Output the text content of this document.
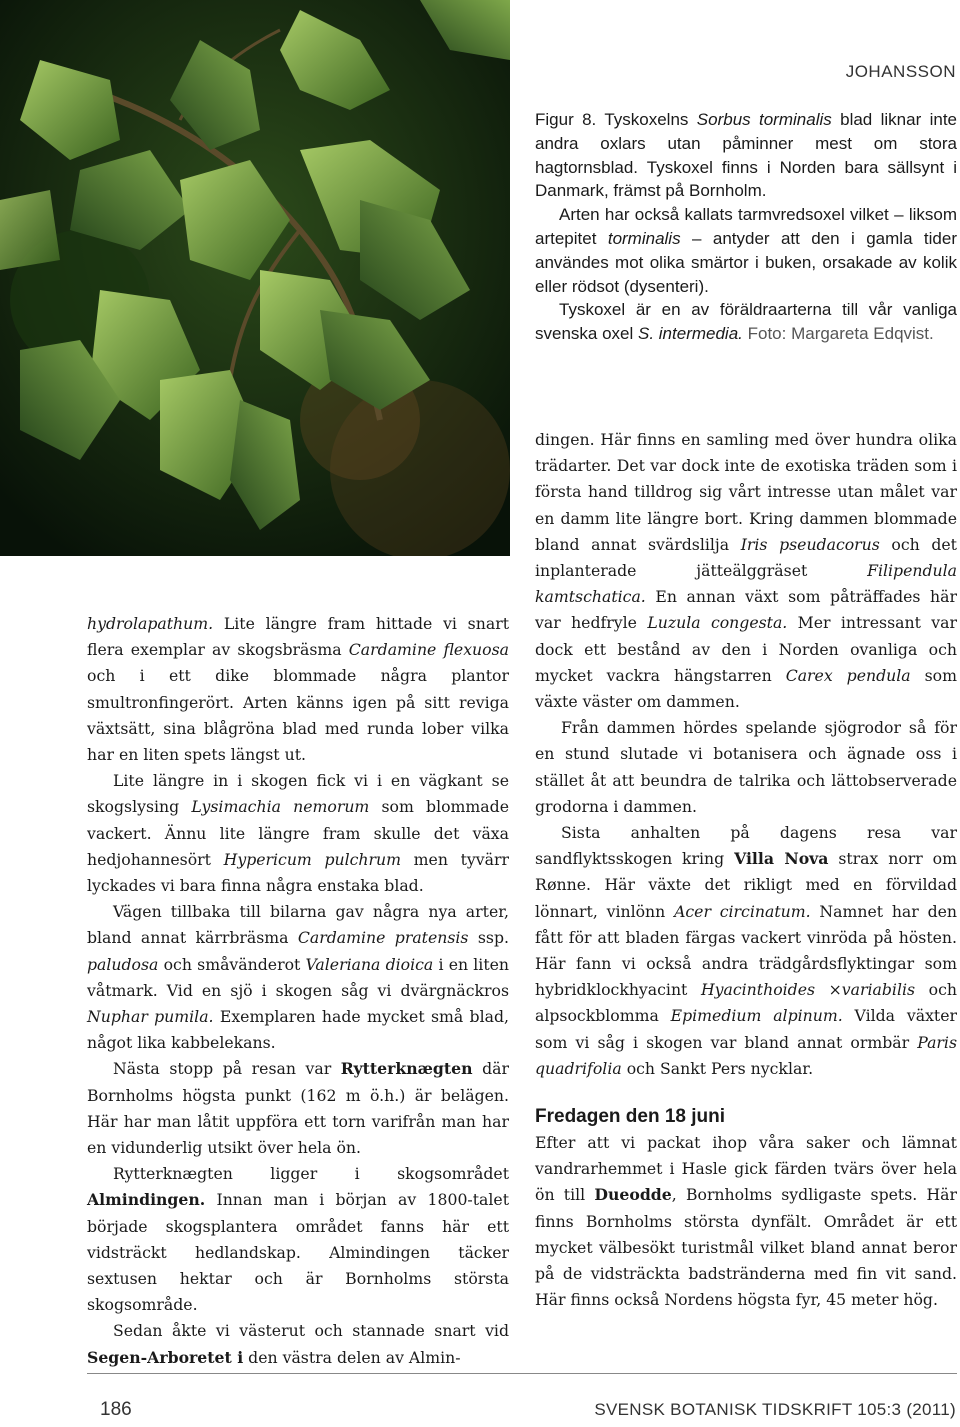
JOHANSSON

Figur 8. Tyskoxelns Sorbus torminalis blad liknar inte andra oxlars utan påminner mest om stora hagtornsblad. Tyskoxel finns i Norden bara sällsynt i Danmark, främst på Bornholm.

Arten har också kallats tarmvredsoxel vilket – liksom artepitet torminalis – antyder att den i gamla tider användes mot olika smärtor i buken, orsakade av kolik eller rödsot (dysenteri).

Tyskoxel är en av föräldraarterna till vår vanliga svenska oxel S. intermedia. Foto: Margareta Edqvist.

hydrolapathum. Lite längre fram hittade vi snart flera exemplar av skogsbräsma Cardamine flexuosa och i ett dike blommade några plantor smultronfingerört. Arten känns igen på sitt reviga växtsätt, sina blågröna blad med runda lober vilka har en liten spets längst ut.

Lite längre in i skogen fick vi i en vägkant se skogslysing Lysimachia nemorum som blommade vackert. Ännu lite längre fram skulle det växa hedjohannesört Hypericum pulchrum men tyvärr lyckades vi bara finna några enstaka blad.

Vägen tillbaka till bilarna gav några nya arter, bland annat kärrbräsma Cardamine pratensis ssp. paludosa och småvänderot Valeriana dioica i en liten våtmark. Vid en sjö i skogen såg vi dvärgnäckros Nuphar pumila. Exemplaren hade mycket små blad, något lika kabbelekans.

Nästa stopp på resan var Rytterknægten där Bornholms högsta punkt (162 m ö.h.) är belägen. Här har man låtit uppföra ett torn varifrån man har en vidunderlig utsikt över hela ön.

Rytterknægten ligger i skogsområdet Almindingen. Innan man i början av 1800-talet började skogsplantera området fanns här ett vidsträckt hedlandskap. Almindingen täcker sextusen hektar och är Bornholms största skogsområde.

Sedan åkte vi västerut och stannade snart vid Segen-Arboretet i den västra delen av Almin-

dingen. Här finns en samling med över hundra olika trädarter. Det var dock inte de exotiska träden som i första hand tilldrog sig vårt intresse utan målet var en damm lite längre bort. Kring dammen blommade bland annat svärdslilja Iris pseudacorus och det inplanterade jätteälggräset Filipendula kamtschatica. En annan växt som påträffades här var hedfryle Luzula congesta. Mer intressant var dock ett bestånd av den i Norden ovanliga och mycket vackra hängstarren Carex pendula som växte väster om dammen.

Från dammen hördes spelande sjögrodor så för en stund slutade vi botanisera och ägnade oss i stället åt att beundra de talrika och lättobserverade grodorna i dammen.

Sista anhalten på dagens resa var sandflyktsskogen kring Villa Nova strax norr om Rønne. Här växte det rikligt med en förvildad lönnart, vinlönn Acer circinatum. Namnet har den fått för att bladen färgas vackert vinröda på hösten. Här fann vi också andra trädgårdsflyktingar som hybridklockhyacint Hyacinthoides ×variabilis och alpsockblomma Epimedium alpinum. Vilda växter som vi såg i skogen var bland annat ormbär Paris quadrifolia och Sankt Pers nycklar.

Fredagen den 18 juni

Efter att vi packat ihop våra saker och lämnat vandrarhemmet i Hasle gick färden tvärs över hela ön till Dueodde, Bornholms sydligaste spets. Här finns Bornholms största dynfält. Området är ett mycket välbesökt turistmål vilket bland annat beror på de vidsträckta badstränderna med fin vit sand. Här finns också Nordens högsta fyr, 45 meter hög.

186	SVENSK BOTANISK TIDSKRIFT 105:3 (2011)
